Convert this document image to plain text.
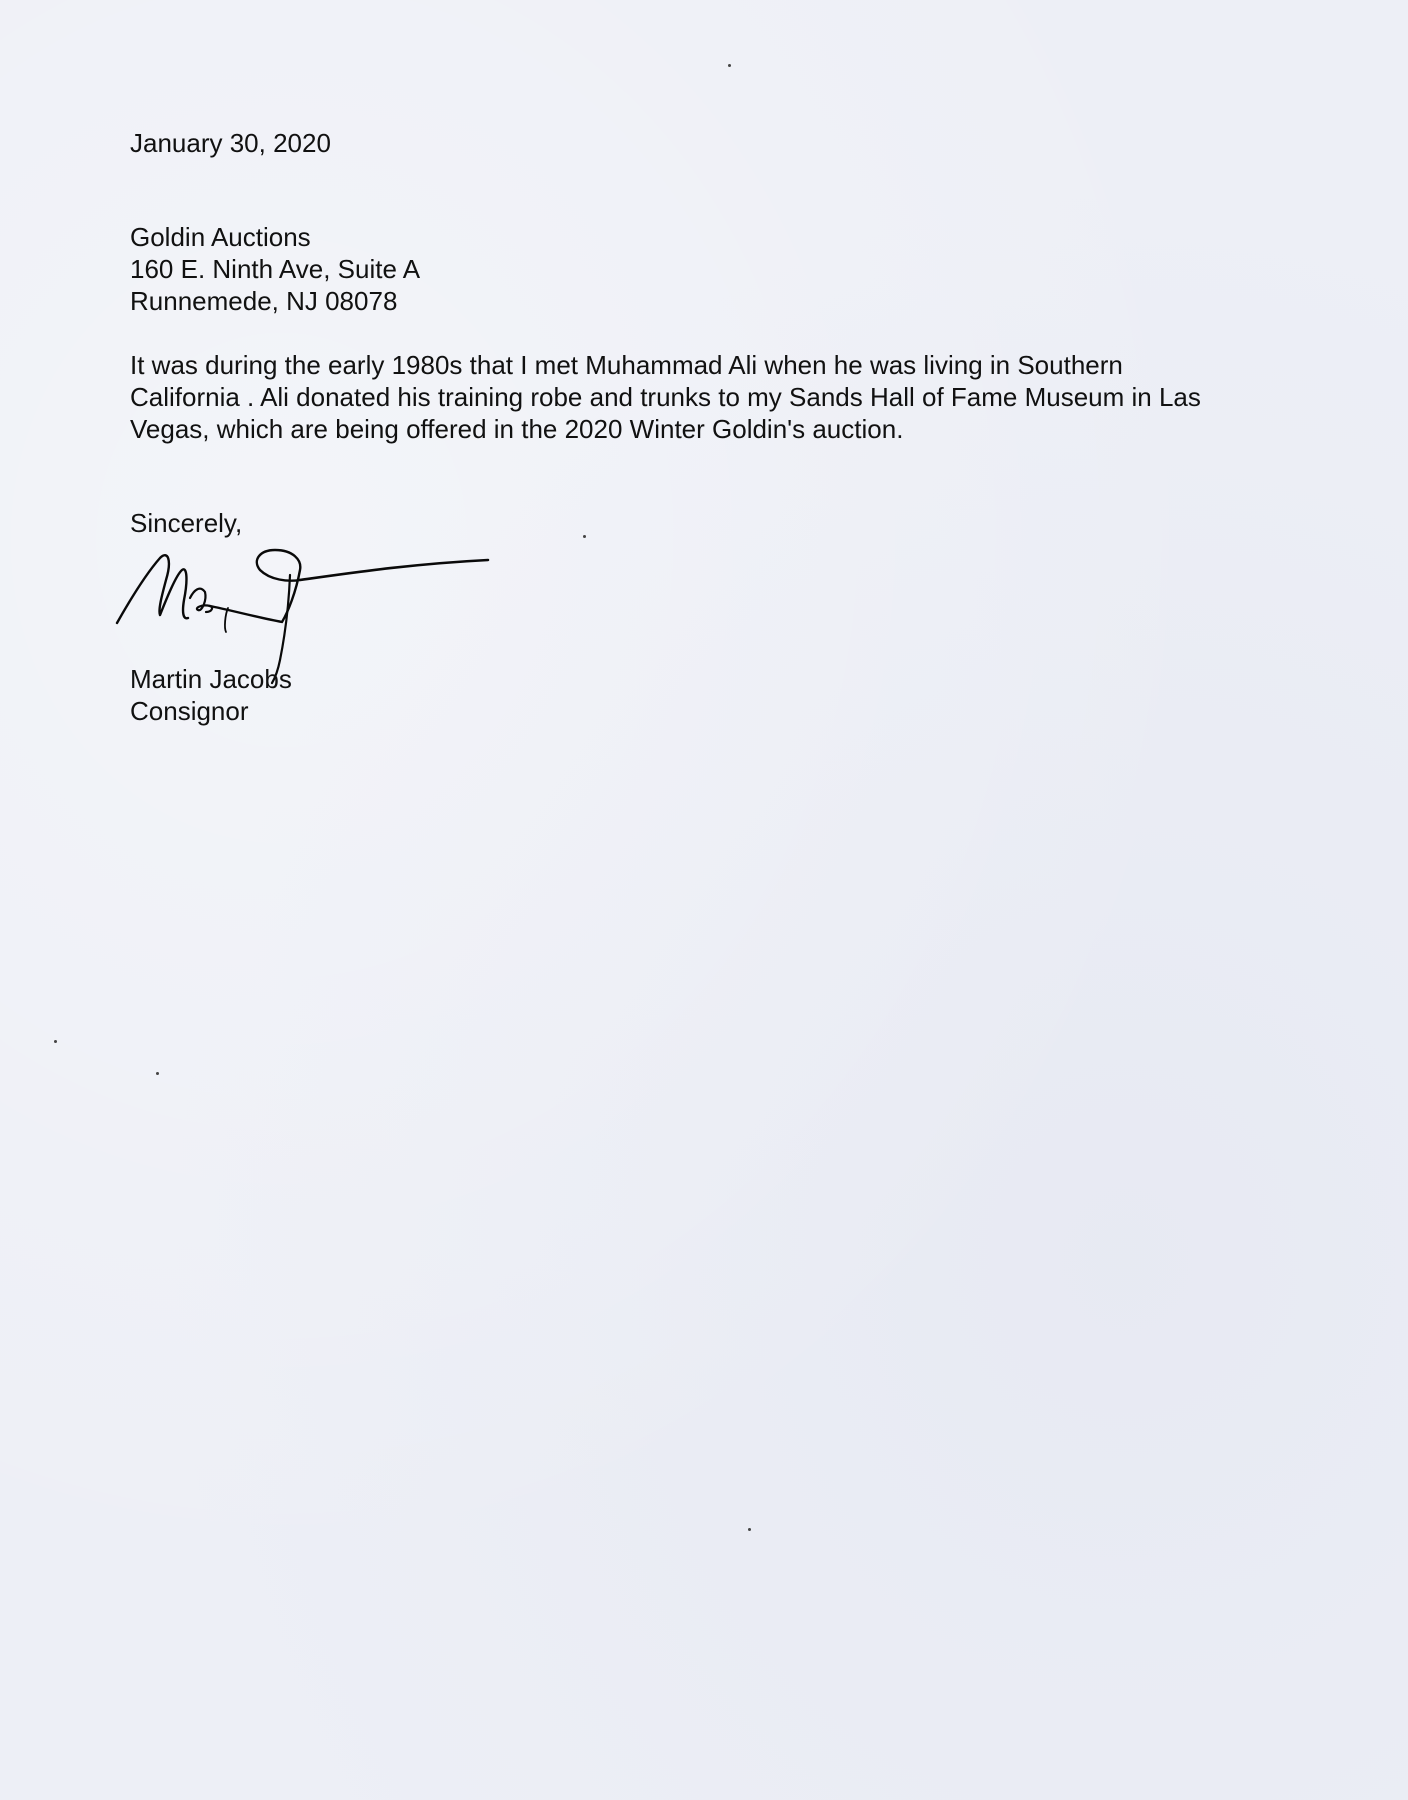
January 30, 2020
Goldin Auctions
160 E. Ninth Ave, Suite A
Runnemede, NJ 08078
It was during the early 1980s that I met Muhammad Ali when he was living in Southern
California . Ali donated his training robe and trunks to my Sands Hall of Fame Museum in Las
Vegas, which are being offered in the 2020 Winter Goldin's auction.
Sincerely,
Martin Jacobs
Consignor
